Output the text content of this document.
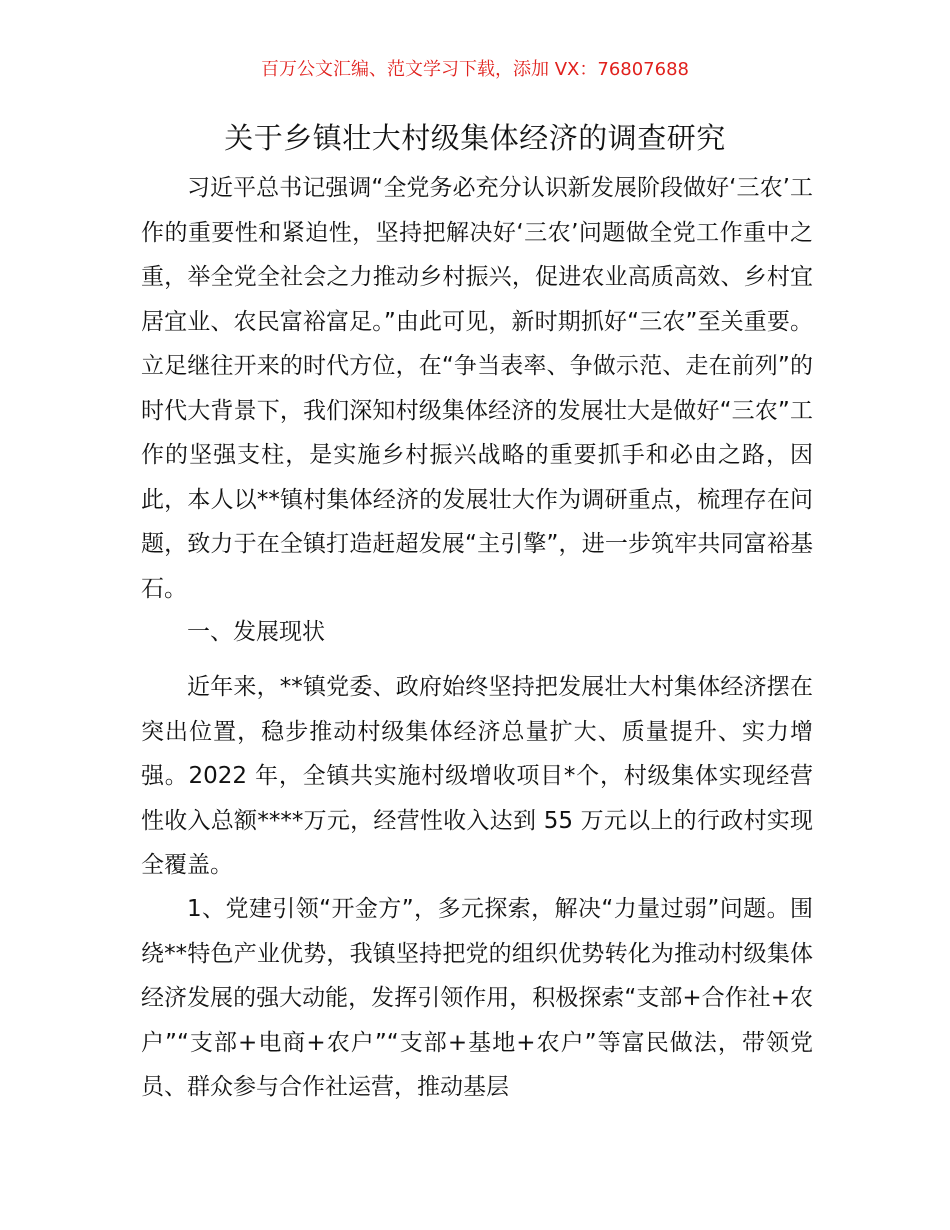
百万公文汇编、范文学习下载，添加 VX：76807688
关于乡镇壮大村级集体经济的调查研究

习近平总书记强调“全党务必充分认识新发展阶段做好‘三农’工作的重要性和紧迫性，坚持把解决好‘三农’问题做全党工作重中之重，举全党全社会之力推动乡村振兴，促进农业高质高效、乡村宜居宜业、农民富裕富足。”由此可见，新时期抓好“三农”至关重要。立足继往开来的时代方位，在“争当表率、争做示范、走在前列”的时代大背景下，我们深知村级集体经济的发展壮大是做好“三农”工作的坚强支柱，是实施乡村振兴战略的重要抓手和必由之路，因此，本人以**镇村集体经济的发展壮大作为调研重点，梳理存在问题，致力于在全镇打造赶超发展“主引擎”，进一步筑牢共同富裕基石。

一、发展现状

近年来，**镇党委、政府始终坚持把发展壮大村集体经济摆在突出位置，稳步推动村级集体经济总量扩大、质量提升、实力增强。2022 年，全镇共实施村级增收项目*个，村级集体实现经营性收入总额****万元，经营性收入达到 55 万元以上的行政村实现全覆盖。

1、党建引领“开金方”，多元探索，解决“力量过弱”问题。围绕**特色产业优势，我镇坚持把党的组织优势转化为推动村级集体经济发展的强大动能，发挥引领作用，积极探索“支部+合作社+农户”“支部+电商+农户”“支部+基地+农户”等富民做法，带领党员、群众参与合作社运营，推动基层
